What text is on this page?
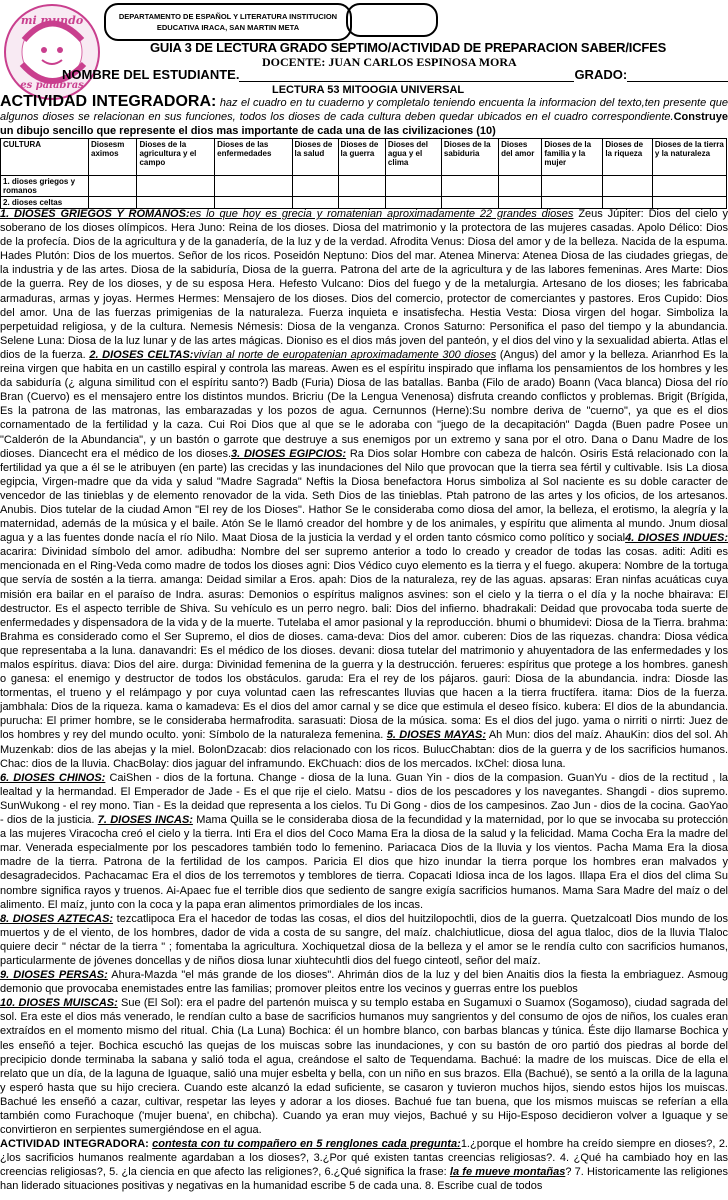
mi mundo
es palabras
DEPARTAMENTO DE ESPAÑOL Y LITERATURA INSTITUCION
EDUCATIVA IRACA, SAN MARTIN META
GUIA 3 DE LECTURA GRADO SEPTIMO/ACTIVIDAD DE PREPARACION SABER/ICFES
DOCENTE: JUAN CARLOS ESPINOSA MORA
NOMBRE DEL ESTUDIANTE.	GRADO:
LECTURA 53 MITOOGIA UNIVERSAL
ACTIVIDAD INTEGRADORA: haz el cuadro en tu cuaderno y completalo teniendo encuenta la informacion del texto,ten presente que algunos dioses se relacionan en sus funciones, todos los dioses de cada cultura deben quedar ubicados en el cuadro correspondiente.Construye un dibujo sencillo que represente el dios mas importante de cada una de las civilizaciones (10)
CULTURA	Diosesm aximos	Dioses de la agricultura y el campo	Dioses de las enfermedades	Dioses de la salud	Dioses de la guerra	Dioses del agua y el clima	Dioses de la sabiduria	Dioses del amor	Dioses de la familia y la mujer	Dioses de la riqueza	Dioses de la tierra y la naturaleza
1. dioses griegos y romanos											
2. dioses celtas											

1. DIOSES GRIEGOS Y ROMANOS:es lo que hoy es grecia y romatenian aproximadamente 22 grandes dioses Zeus Júpiter: Dios del cielo y soberano de los dioses olímpicos. Hera Juno: Reina de los dioses. Diosa del matrimonio y la protectora de las mujeres casadas. Apolo Délico: Dios de la profecía. Dios de la agricultura y de la ganadería, de la luz y de la verdad. Afrodita Venus: Diosa del amor y de la belleza. Nacida de la espuma. Hades Plutón: Dios de los muertos. Señor de los ricos. Poseidón Neptuno: Dios del mar. Atenea Minerva: Atenea Diosa de las ciudades griegas, de la industria y de las artes. Diosa de la sabiduría, Diosa de la guerra. Patrona del arte de la agricultura y de las labores femeninas. Ares Marte: Dios de la guerra. Rey de los dioses, y de su esposa Hera. Hefesto Vulcano: Dios del fuego y de la metalurgia. Artesano de los dioses; les fabricaba armaduras, armas y joyas. Hermes Hermes: Mensajero de los dioses. Dios del comercio, protector de comerciantes y pastores. Eros Cupido: Dios del amor. Una de las fuerzas primigenias de la naturaleza. Fuerza inquieta e insatisfecha. Hestia Vesta: Diosa virgen del hogar. Simboliza la perpetuidad religiosa, y de la cultura. Nemesis Némesis: Diosa de la venganza. Cronos Saturno: Personifica el paso del tiempo y la abundancia. Selene Luna: Diosa de la luz lunar y de las artes mágicas. Dioniso es el dios más joven del panteón, y el dios del vino y la sexualidad abierta. Atlas el dios de la fuerza. 2. DIOSES CELTAS:vivían al norte de europatenian aproximadamente 300 dioses (Angus) del amor y la belleza. Arianrhod Es la reina virgen que habita en un castillo espiral y controla las mareas. Awen es el espíritu inspirado que inflama los pensamientos de los hombres y les da sabiduría (¿ alguna similitud con el espíritu santo?) Badb (Furia) Diosa de las batallas. Banba (Filo de arado) Boann (Vaca blanca) Diosa del río Bran (Cuervo) es el mensajero entre los distintos mundos. Bricriu (De la Lengua Venenosa) disfruta creando conflictos y problemas. Brigit (Brígida, Es la patrona de las matronas, las embarazadas y los pozos de agua. Cernunnos (Herne):Su nombre deriva de "cuerno", ya que es el dios cornamentado de la fertilidad y la caza. Cui Roi Dios que al que se le adoraba con "juego de la decapitación" Dagda (Buen padre Posee un "Calderón de la Abundancia", y un bastón o garrote que destruye a sus enemigos por un extremo y sana por el otro. Dana o Danu Madre de los dioses. Diancecht era el médico de los dioses.3. DIOSES EGIPCIOS: Ra Dios solar Hombre con cabeza de halcón. Osiris Está relacionado con la fertilidad ya que a él se le atribuyen (en parte) las crecidas y las inundaciones del Nilo que provocan que la tierra sea fértil y cultivable. Isis La diosa egipcia, Virgen-madre que da vida y salud "Madre Sagrada" Neftis la Diosa benefactora Horus simboliza al Sol naciente es su doble caracter de vencedor de las tinieblas y de elemento renovador de la vida. Seth Dios de las tinieblas. Ptah patrono de las artes y los oficios, de los artesanos. Anubis. Dios tutelar de la ciudad Amon "El rey de los Dioses". Hathor Se le consideraba como diosa del amor, la belleza, el erotismo, la alegría y la maternidad, además de la música y el baile. Atón Se le llamó creador del hombre y de los animales, y espíritu que alimenta al mundo. Jnum diosal agua y a las fuentes donde nacía el río Nilo. Maat Diosa de la justicia la verdad y el orden tanto cósmico como político y social4. DIOSES INDUES: acarira: Divinidad símbolo del amor. adibudha: Nombre del ser supremo anterior a todo lo creado y creador de todas las cosas. aditi: Aditi es mencionada en el Ring-Veda como madre de todos los dioses agni: Dios Védico cuyo elemento es la tierra y el fuego. akupera: Nombre de la tortuga que servía de sostén a la tierra. amanga: Deidad similar a Eros. apah: Dios de la naturaleza, rey de las aguas. apsaras: Eran ninfas acuáticas cuya misión era bailar en el paraíso de Indra. asuras: Demonios o espíritus malignos asvines: son el cielo y la tierra o el día y la noche bhairava: El destructor. Es el aspecto terrible de Shiva. Su vehículo es un perro negro. bali: Dios del infierno. bhadrakali: Deidad que provocaba toda suerte de enfermedades y dispensadora de la vida y de la muerte. Tutelaba el amor pasional y la reproducción. bhumi o bhumidevi: Diosa de la Tierra. brahma: Brahma es considerado como el Ser Supremo, el dios de dioses. cama-deva: Dios del amor. cuberen: Dios de las riquezas. chandra: Diosa védica que representaba a la luna. danavandri: Es el médico de los dioses. devani: diosa tutelar del matrimonio y ahuyentadora de las enfermedades y los malos espíritus. diava: Dios del aire. durga: Divinidad femenina de la guerra y la destrucción. ferueres: espíritus que protege a los hombres. ganesh o ganesa: el enemigo y destructor de todos los obstáculos. garuda: Era el rey de los pájaros. gauri: Diosa de la abundancia. indra: Diosde las tormentas, el trueno y el relámpago y por cuya voluntad caen las refrescantes lluvias que hacen a la tierra fructífera. itama: Dios de la fuerza. jambhala: Dios de la riqueza. kama o kamadeva: Es el dios del amor carnal y se dice que estimula el deseo físico. kubera: El dios de la abundancia. purucha: El primer hombre, se le consideraba hermafrodita. sarasuati: Diosa de la música. soma: Es el dios del jugo. yama o nirriti o nirrti: Juez de los hombres y rey del mundo oculto. yoni: Símbolo de la naturaleza femenina. 5. DIOSES MAYAS: Ah Mun: dios del maíz. AhauKin: dios del sol. Ah Muzenkab: dios de las abejas y la miel. BolonDzacab: dios relacionado con los ricos. BulucChabtan: dios de la guerra y de los sacrificios humanos. Chac: dios de la lluvia. ChacBolay: dios jaguar del inframundo. EkChuach: dios de los mercados. IxChel: diosa luna.

6. DIOSES CHINOS: CaiShen - dios de la fortuna. Change - diosa de la luna. Guan Yin - dios de la compasion. GuanYu - dios de la rectitud , la lealtad y la hermandad. El Emperador de Jade - Es el que rije el cielo. Matsu - dios de los pescadores y los navegantes. Shangdi - dios supremo. SunWukong - el rey mono. Tian - Es la deidad que representa a los cielos. Tu Di Gong - dios de los campesinos. Zao Jun - dios de la cocina. GaoYao - dios de la justicia. 7. DIOSES INCAS: Mama Quilla se le consideraba diosa de la fecundidad y la maternidad, por lo que se invocaba su protección a las mujeres Viracocha creó el cielo y la tierra. Inti Era el dios del Coco Mama Era la diosa de la salud y la felicidad. Mama Cocha Era la madre del mar. Venerada especialmente por los pescadores también todo lo femenino. Pariacaca Dios de la lluvia y los vientos. Pacha Mama Era la diosa madre de la tierra. Patrona de la fertilidad de los campos. Paricia El dios que hizo inundar la tierra porque los hombres eran malvados y desagradecidos. Pachacamac Era el dios de los terremotos y temblores de tierra. Copacati Idiosa inca de los lagos. Illapa Era el dios del clima Su nombre significa rayos y truenos. Ai-Apaec fue el terrible dios que sediento de sangre exigía sacrificios humanos. Mama Sara Madre del maíz o del alimento. El maíz, junto con la coca y la papa eran alimentos primordiales de los incas.

8. DIOSES AZTECAS: tezcatlipoca Era el hacedor de todas las cosas, el dios del huitzilopochtli, dios de la guerra. Quetzalcoatl Dios mundo de los muertos y de el viento, de los hombres, dador de vida a costa de su sangre, del maíz. chalchiutlicue, diosa del agua tlaloc, dios de la lluvia Tlaloc quiere decir " néctar de la tierra " ; fomentaba la agricultura. Xochiquetzal diosa de la belleza y el amor se le rendía culto con sacrificios humanos, particularmente de jóvenes doncellas y de niños diosa lunar xiuhtecuhtli dios del fuego cinteotl, señor del maíz.

9. DIOSES PERSAS: Ahura-Mazda "el más grande de los dioses". Ahrimán dios de la luz y del bien Anaitis dios la fiesta la embriaguez. Asmoug demonio que provocaba enemistades entre las familias; promover pleitos entre los vecinos y guerras entre los pueblos

10. DIOSES MUISCAS: Sue (El Sol): era el padre del partenón muisca y su templo estaba en Sugamuxi o Suamox (Sogamoso), ciudad sagrada del sol. Era este el dios más venerado, le rendían culto a base de sacrificios humanos muy sangrientos y del consumo de ojos de niños, los cuales eran extraídos en el momento mismo del ritual. Chia (La Luna) Bochica: él un hombre blanco, con barbas blancas y túnica. Éste dijo llamarse Bochica y les enseñó a tejer. Bochica escuchó las quejas de los muiscas sobre las inundaciones, y con su bastón de oro partió dos piedras al borde del precipicio donde terminaba la sabana y salió toda el agua, creándose el salto de Tequendama. Bachué: la madre de los muiscas. Dice de ella el relato que un día, de la laguna de Iguaque, salió una mujer esbelta y bella, con un niño en sus brazos. Ella (Bachué), se sentó a la orilla de la laguna y esperó hasta que su hijo creciera. Cuando este alcanzó la edad suficiente, se casaron y tuvieron muchos hijos, siendo estos hijos los muiscas. Bachué les enseñó a cazar, cultivar, respetar las leyes y adorar a los dioses. Bachué fue tan buena, que los mismos muiscas se referían a ella también como Furachoque ('mujer buena', en chibcha). Cuando ya eran muy viejos, Bachué y su Hijo-Esposo decidieron volver a Iguaque y se convirtieron en serpientes sumergiéndose en el agua.

ACTIVIDAD INTEGRADORA: contesta con tu compañero en 5 renglones cada pregunta:1.¿porque el hombre ha creído siempre en dioses?, 2. ¿los sacrificios humanos realmente agardaban a los dioses?, 3.¿Por qué existen tantas creencias religiosas?. 4. ¿Qué ha cambiado hoy en las creencias religiosas?, 5. ¿la ciencia en que afecto las religiones?, 6.¿Qué significa la frase: la fe mueve montañas? 7. Historicamente las religiones han liderado situaciones positivas y negativas en la humanidad escribe 5 de cada una. 8. Escribe cual de todos
